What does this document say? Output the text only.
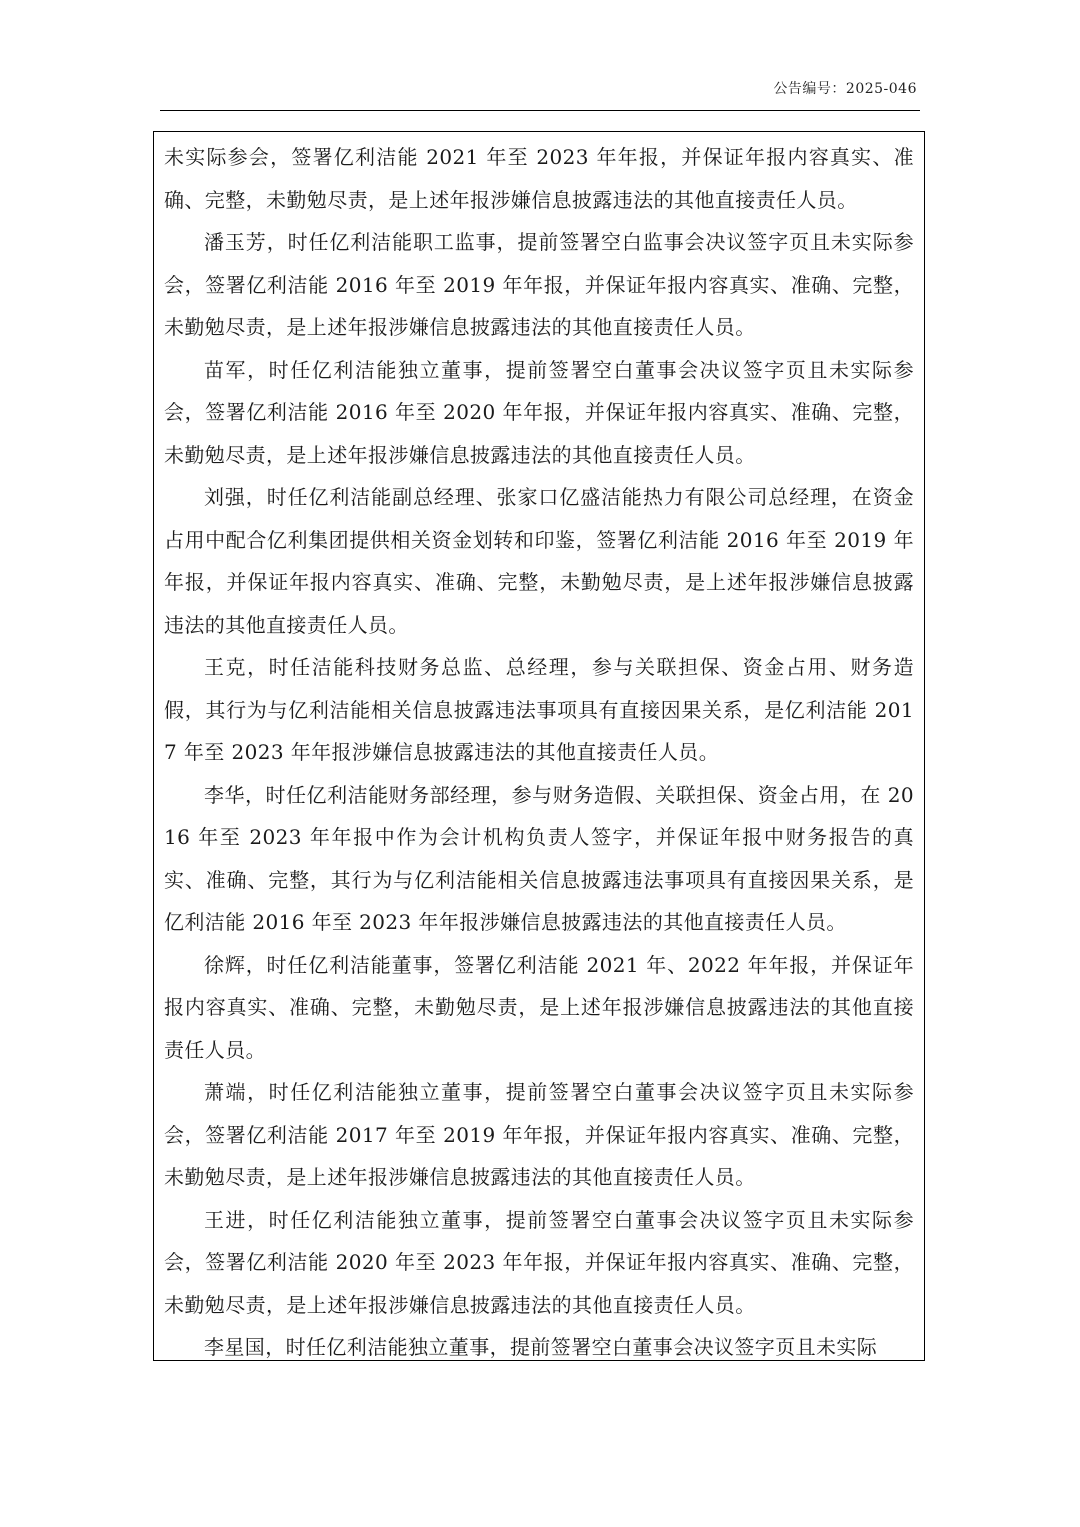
公告编号：2025-046

未实际参会，签署亿利洁能 2021 年至 2023 年年报，并保证年报内容真实、准确、完整，未勤勉尽责，是上述年报涉嫌信息披露违法的其他直接责任人员。

潘玉芳，时任亿利洁能职工监事，提前签署空白监事会决议签字页且未实际参会，签署亿利洁能 2016 年至 2019 年年报，并保证年报内容真实、准确、完整，未勤勉尽责，是上述年报涉嫌信息披露违法的其他直接责任人员。

苗军，时任亿利洁能独立董事，提前签署空白董事会决议签字页且未实际参会，签署亿利洁能 2016 年至 2020 年年报，并保证年报内容真实、准确、完整，未勤勉尽责，是上述年报涉嫌信息披露违法的其他直接责任人员。

刘强，时任亿利洁能副总经理、张家口亿盛洁能热力有限公司总经理，在资金占用中配合亿利集团提供相关资金划转和印鉴，签署亿利洁能 2016 年至 2019 年年报，并保证年报内容真实、准确、完整，未勤勉尽责，是上述年报涉嫌信息披露违法的其他直接责任人员。

王克，时任洁能科技财务总监、总经理，参与关联担保、资金占用、财务造假，其行为与亿利洁能相关信息披露违法事项具有直接因果关系，是亿利洁能 2017 年至 2023 年年报涉嫌信息披露违法的其他直接责任人员。

李华，时任亿利洁能财务部经理，参与财务造假、关联担保、资金占用，在 2016 年至 2023 年年报中作为会计机构负责人签字，并保证年报中财务报告的真实、准确、完整，其行为与亿利洁能相关信息披露违法事项具有直接因果关系，是亿利洁能 2016 年至 2023 年年报涉嫌信息披露违法的其他直接责任人员。

徐辉，时任亿利洁能董事，签署亿利洁能 2021 年、2022 年年报，并保证年报内容真实、准确、完整，未勤勉尽责，是上述年报涉嫌信息披露违法的其他直接责任人员。

萧端，时任亿利洁能独立董事，提前签署空白董事会决议签字页且未实际参会，签署亿利洁能 2017 年至 2019 年年报，并保证年报内容真实、准确、完整，未勤勉尽责，是上述年报涉嫌信息披露违法的其他直接责任人员。

王进，时任亿利洁能独立董事，提前签署空白董事会决议签字页且未实际参会，签署亿利洁能 2020 年至 2023 年年报，并保证年报内容真实、准确、完整，未勤勉尽责，是上述年报涉嫌信息披露违法的其他直接责任人员。

李星国，时任亿利洁能独立董事，提前签署空白董事会决议签字页且未实际
